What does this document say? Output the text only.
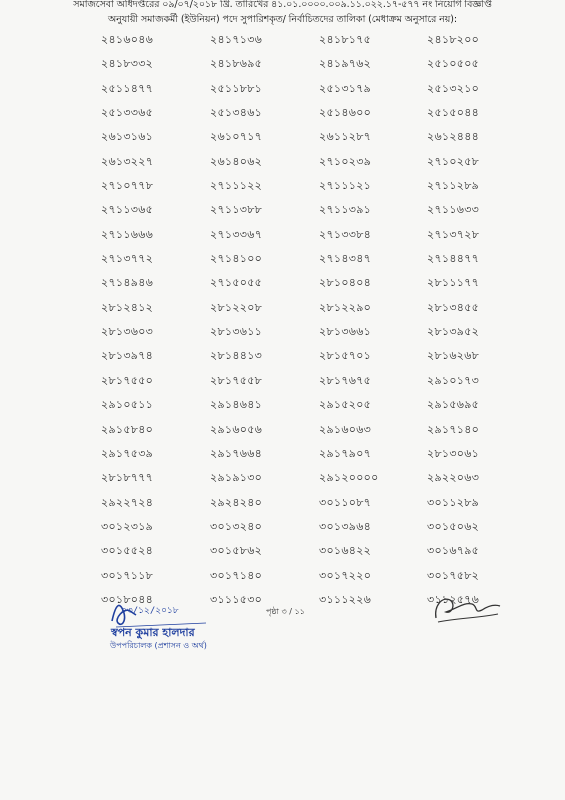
সমাজসেবা অধিদপ্তরের ০৯/০৭/২০১৮ খ্রি. তারিখের ৪১.০১.০০০০.০০৯.১১.০২২.১৭-৫৭৭ নং নিয়োগ বিজ্ঞপ্তি
অনুযায়ী সমাজকর্মী (ইউনিয়ন) পদে সুপারিশকৃত/ নির্বাচিতদের তালিকা (মেধাক্রম অনুসারে নয়):
২৪১৬০৪৬	২৪১৭১৩৬	২৪১৮১৭৫	২৪১৮২০০
২৪১৮৩৩২	২৪১৮৬৯৫	২৪১৯৭৬২	২৫১০৫০৫
২৫১১৪৭৭	২৫১১৮৮১	২৫১৩১৭৯	২৫১৩২১০
২৫১৩৩৬৫	২৫১৩৪৬১	২৫১৪৬০০	২৫১৫০৪৪
২৬১৩১৬১	২৬১০৭১৭	২৬১১২৮৭	২৬১২৪৪৪
২৬১৩২২৭	২৬১৪০৬২	২৭১০২৩৯	২৭১০২৫৮
২৭১০৭৭৮	২৭১১১২২	২৭১১১২১	২৭১১২৮৯
২৭১১৩৬৫	২৭১১৩৮৮	২৭১১৩৯১	২৭১১৬৩৩
২৭১১৬৬৬	২৭১৩৩৬৭	২৭১৩৩৮৪	২৭১৩৭২৮
২৭১৩৭৭২	২৭১৪১০০	২৭১৪৩৪৭	২৭১৪৪৭৭
২৭১৪৯৪৬	২৭১৫০৫৫	২৮১০৪০৪	২৮১১১৭৭
২৮১২৪১২	২৮১২২০৮	২৮১২২৯০	২৮১৩৪৫৫
২৮১৩৬০৩	২৮১৩৬১১	২৮১৩৬৬১	২৮১৩৯৫২
২৮১৩৯৭৪	২৮১৪৪১৩	২৮১৫৭০১	২৮১৬২৬৮
২৮১৭৫৫০	২৮১৭৫৫৮	২৮১৭৬৭৫	২৯১০১৭৩
২৯১০৫১১	২৯১৪৬৪১	২৯১৫২০৫	২৯১৫৬৯৫
২৯১৫৮৪০	২৯১৬০৫৬	২৯১৬০৬৩	২৯১৭১৪০
২৯১৭৫৩৯	২৯১৭৬৬৪	২৯১৭৯০৭	২৮১৩০৬১
২৮১৮৭৭৭	২৯১৯১৩০	২৯১২০০০০	২৯২২০৬৩
২৯২২৭২৪	২৯২৪২৪০	৩০১১০৮৭	৩০১১২৮৯
৩০১২৩১৯	৩০১৩২৪০	৩০১৩৯৬৪	৩০১৫০৬২
৩০১৫৫২৪	৩০১৫৮৬২	৩০১৬৪২২	৩০১৬৭৯৫
৩০১৭১১৮	৩০১৭১৪০	৩০১৭২২০	৩০১৭৫৮২
৩০১৮০৪৪	৩১১১৫৩০	৩১১১২২৬	৩১১২৫৭৬
০৩/১২/২০১৮
স্বপন কুমার হালদার
উপপরিচালক (প্রশাসন ও অর্থ)
পৃষ্ঠা ৩ / ১১
